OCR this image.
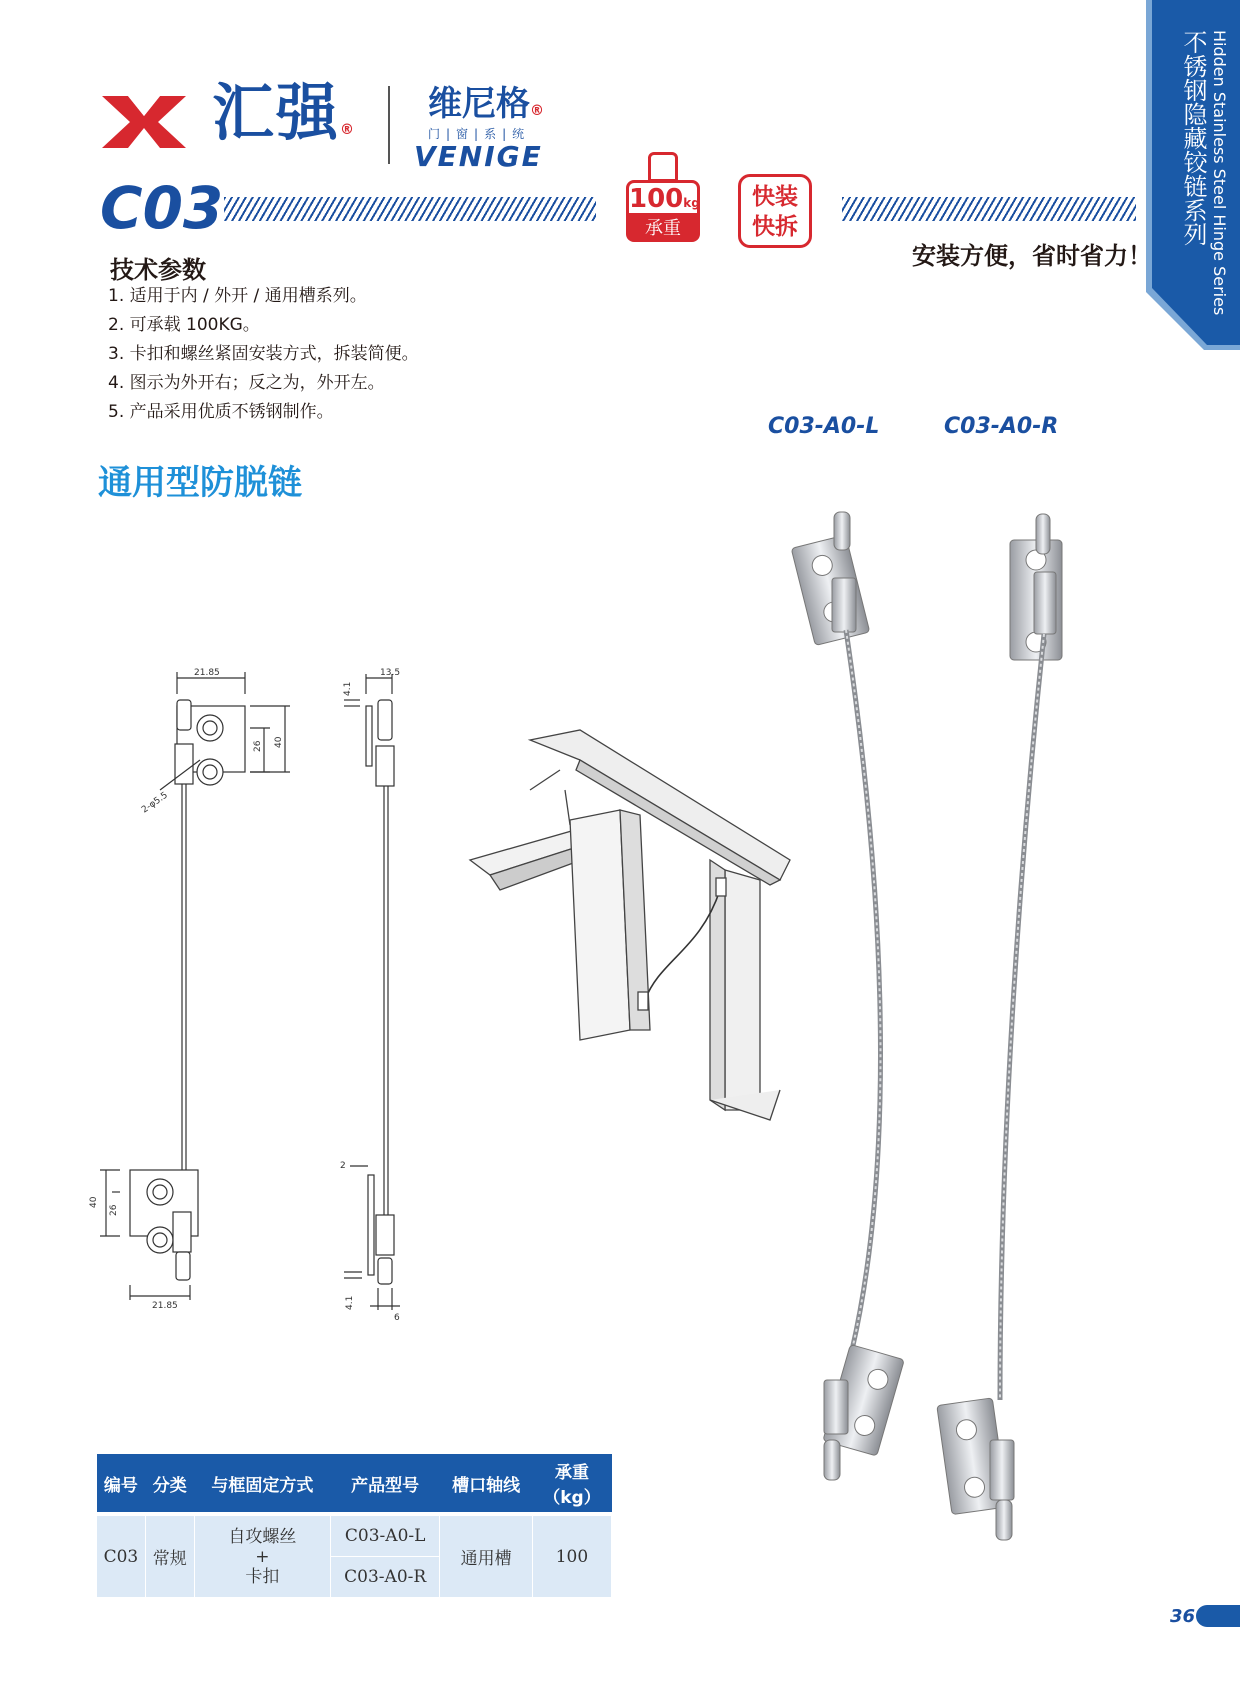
汇强®
维尼格®
门|窗|系|统
VENIGE	Hidden Stainless Steel Hinge Series
不锈钢隐藏铰链系列
C03	100kg
承重
快装
快拆
安装方便，省时省力！
技术参数
1. 适用于内 / 外开 / 通用槽系列。
2. 可承载 100KG。
3. 卡扣和螺丝紧固安装方式，拆装简便。
4. 图示为外开右；反之为，外开左。
5. 产品采用优质不锈钢制作。
通用型防脱链
C03-A0-L	C03-A0-R
21.85
26 40
2-φ5.5
40
26
21.85
13.5
4.1
2
4.1
6
编号	分类	与框固定方式	产品型号	槽口轴线	承重
（kg）

C03	常规	自攻螺丝
+
卡扣	C03-A0-L	通用槽	100
			C03-A0-R		
36
